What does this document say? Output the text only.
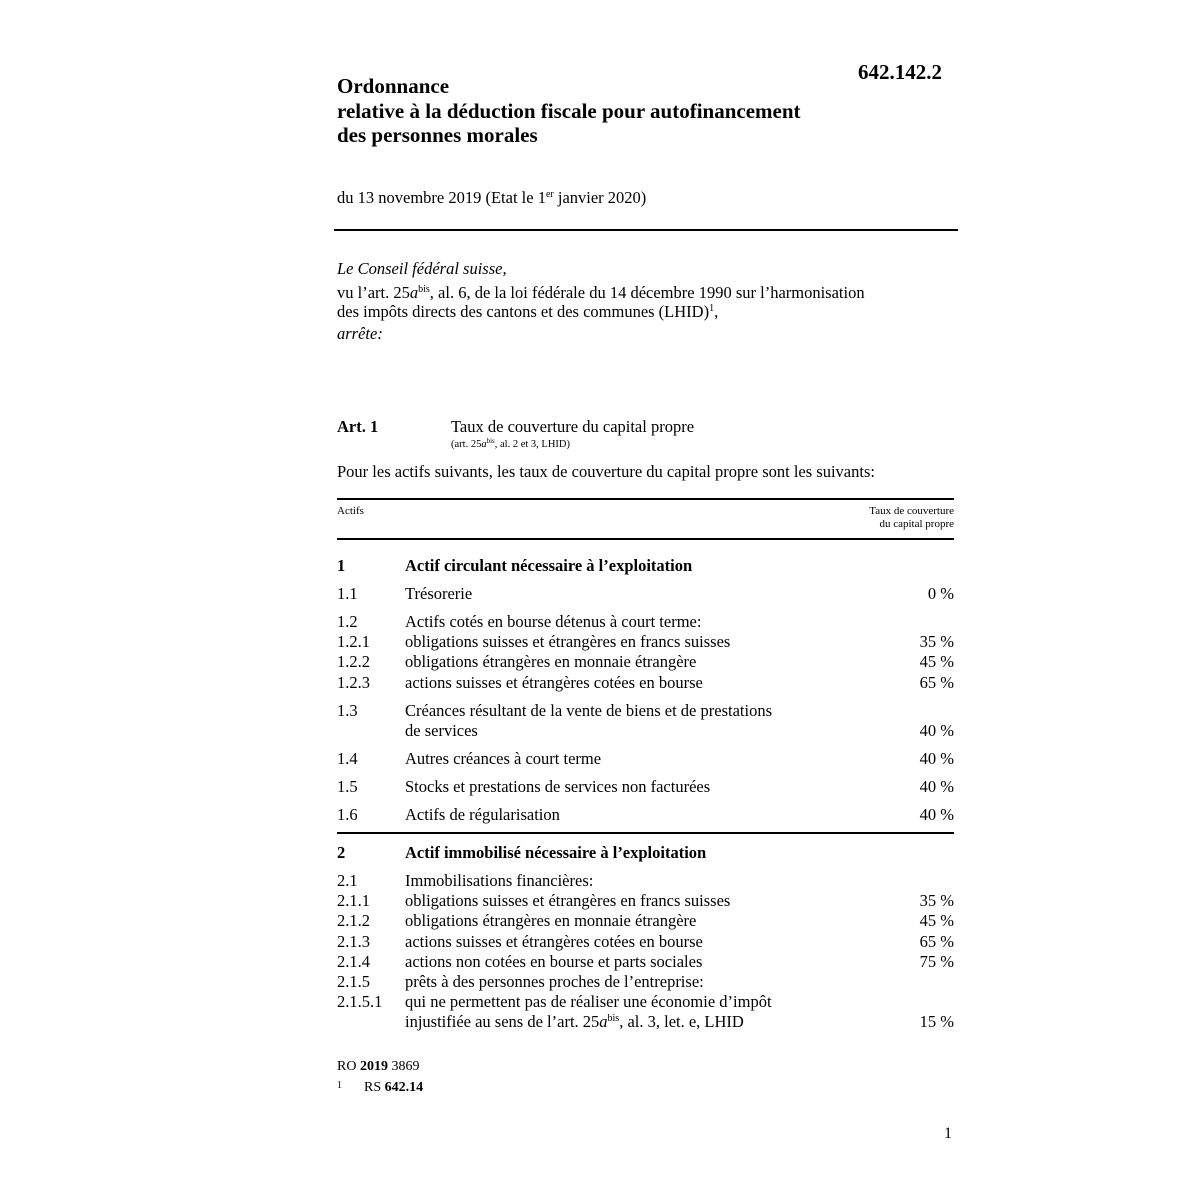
642.142.2
Ordonnance
relative à la déduction fiscale pour autofinancement
des personnes morales
du 13 novembre 2019 (Etat le 1er janvier 2020)

Le Conseil fédéral suisse,

vu l’art. $25a^{bis}$, al. 6, de la loi fédérale du 14 décembre 1990 sur l’harmonisation
des impôts directs des cantons et des communes (LHID)$^1$,

arrête:

Art. 1	Taux de couverture du capital propre
(art. $25a^{bis}$, al. 2 et 3, LHID)
Pour les actifs suivants, les taux de couverture du capital propre sont les suivants:
Actifs	Taux de couverture
du capital propre
1	Actif circulant nécessaire à l’exploitation
1.1	Trésorerie	0 %
1.2	Actifs cotés en bourse détenus à court terme:
1.2.1 obligations suisses et étrangères en francs suisses	35 %
1.2.2 obligations étrangères en monnaie étrangère	45 %
1.2.3 actions suisses et étrangères cotées en bourse	65 %
1.3	Créances résultant de la vente de biens et de prestations
de services	40 %
1.4	Autres créances à court terme	40 %
1.5	Stocks et prestations de services non facturées	40 %
1.6	Actifs de régularisation	40 %
2	Actif immobilisé nécessaire à l’exploitation
2.1	Immobilisations financières:
2.1.1 obligations suisses et étrangères en francs suisses	35 %
2.1.2 obligations étrangères en monnaie étrangère	45 %
2.1.3 actions suisses et étrangères cotées en bourse	65 %
2.1.4 actions non cotées en bourse et parts sociales	75 %
2.1.5 prêts à des personnes proches de l’entreprise:
2.1.5.1 qui ne permettent pas de réaliser une économie d’impôt
injustifiée au sens de l’art. $25a^{bis}$, al. 3, let. e, LHID	15 %
RO 2019 3869
$^1$ RS 642.14
1
